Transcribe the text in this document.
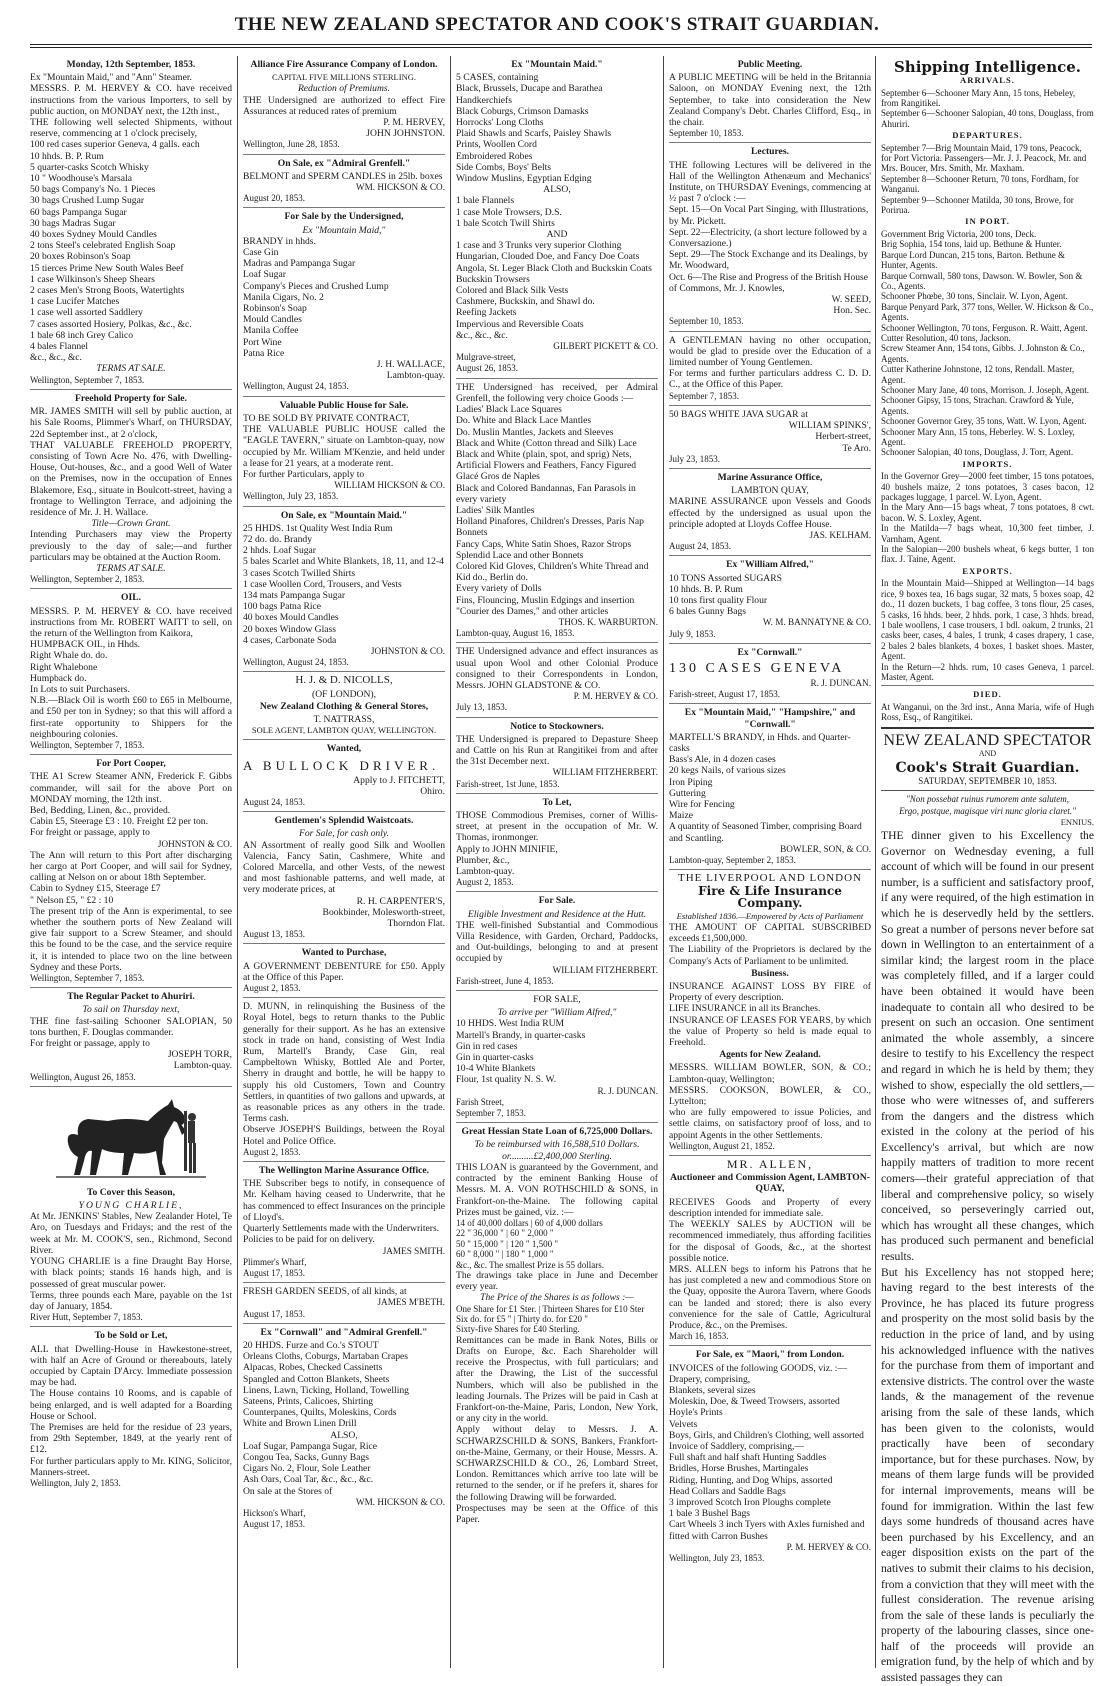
THE NEW ZEALAND SPECTATOR AND COOK'S STRAIT GUARDIAN.
Monday, 12th September, 1853.

Ex "Mountain Maid," and "Ann" Steamer.
MESSRS. P. M. HERVEY & CO. have received instructions from the various Importers, to sell by public auction, on MONDAY next, the 12th inst.,

THE following well selected Shipments, without reserve, commencing at 1 o'clock precisely,

100 red cases superior Geneva, 4 galls. each
10 hhds. B. P. Rum
5 quarter-casks Scotch Whisky
10 " Woodhouse's Marsala
50 bags Company's No. 1 Pieces
30 bags Crushed Lump Sugar
60 bags Pampanga Sugar
30 bags Madras Sugar
40 boxes Sydney Mould Candles
2 tons Steel's celebrated English Soap
20 boxes Robinson's Soap
15 tierces Prime New South Wales Beef
1 case Wilkinson's Sheep Shears
2 cases Men's Strong Boots, Watertights
1 case Lucifer Matches
1 case well assorted Saddlery
7 cases assorted Hosiery, Polkas, &c., &c.
1 bale 68 inch Grey Calico
4 bales Flannel
&c., &c., &c.

TERMS AT SALE.

Wellington, September 7, 1853.

Freehold Property for Sale.

MR. JAMES SMITH will sell by public auction, at his Sale Rooms, Plimmer's Wharf, on THURSDAY, 22d September inst., at 2 o'clock,

THAT VALUABLE FREEHOLD PROPERTY, consisting of Town Acre No. 476, with Dwelling-House, Out-houses, &c., and a good Well of Water on the Premises, now in the occupation of Ennes Blakemore, Esq., situate in Boulcott-street, having a frontage to Wellington Terrace, and adjoining the residence of Mr. J. H. Wallace.

Title—Crown Grant.

Intending Purchasers may view the Property previously to the day of sale;—and further particulars may be obtained at the Auction Room.

TERMS AT SALE.

Wellington, September 2, 1853.

OIL.

MESSRS. P. M. HERVEY & CO. have received instructions from Mr. ROBERT WAITT to sell, on the return of the Wellington from Kaikora,

HUMPBACK OIL, in Hhds.
Right Whale do. do.
Right Whalebone
Humpback do.
In Lots to suit Purchasers.

N.B.—Black Oil is worth £60 to £65 in Melbourne, and £50 per ton in Sydney; so that this will afford a first-rate opportunity to Shippers for the neighbouring colonies.

Wellington, September 7, 1853.

For Port Cooper,

THE A1 Screw Steamer ANN, Frederick F. Gibbs commander, will sail for the above Port on MONDAY morning, the 12th inst.

Bed, Bedding, Linen, &c., provided.
Cabin £5, Steerage £3 : 10. Freight £2 per ton.
For freight or passage, apply to

JOHNSTON & CO.

The Ann will return to this Port after discharging her cargo at Port Cooper, and will sail for Sydney, calling at Nelson on or about 18th September.

Cabin to Sydney £15, Steerage £7
" Nelson £5, " £2 : 10

The present trip of the Ann is experimental, to see whether the southern ports of New Zealand will give fair support to a Screw Steamer, and should this be found to be the case, and the service require it, it is intended to place two on the line between Sydney and these Ports.

Wellington, September 7, 1853.

The Regular Packet to Ahuriri.
To sail on Thursday next,

THE fine fast-sailing Schooner SALOPIAN, 50 tons burthen, F. Douglas commander.
For freight or passage, apply to

JOSEPH TORR,
Lambton-quay.

Wellington, August 26, 1853.

To Cover this Season,
YOUNG CHARLIE,

At Mr. JENKINS' Stables, New Zealander Hotel, Te Aro, on Tuesdays and Fridays; and the rest of the week at Mr. M. COOK'S, sen., Richmond, Second River.

YOUNG CHARLIE is a fine Draught Bay Horse, with black points; stands 16 hands high, and is possessed of great muscular power.

Terms, three pounds each Mare, payable on the 1st day of January, 1854.

River Hutt, September 7, 1853.

To be Sold or Let,

ALL that Dwelling-House in Hawkestone-street, with half an Acre of Ground or thereabouts, lately occupied by Captain D'Arcy. Immediate possession may be had.

The House contains 10 Rooms, and is capable of being enlarged, and is well adapted for a Boarding House or School.

The Premises are held for the residue of 23 years, from 29th September, 1849, at the yearly rent of £12.

For further particulars apply to Mr. KING, Solicitor, Manners-street.

Wellington, July 2, 1853.

Alliance Fire Assurance Company of London.
CAPITAL FIVE MILLIONS STERLING.
Reduction of Premiums.

THE Undersigned are authorized to effect Fire Assurances at reduced rates of premium

P. M. HERVEY,
JOHN JOHNSTON.

Wellington, June 28, 1853.

On Sale, ex "Admiral Grenfell."

BELMONT and SPERM CANDLES in 25lb. boxes

WM. HICKSON & CO.

August 20, 1853.

For Sale by the Undersigned,
Ex "Mountain Maid,"

BRANDY in hhds.
Case Gin
Madras and Pampanga Sugar
Loaf Sugar
Company's Pieces and Crushed Lump
Manila Cigars, No. 2
Robinson's Soap
Mould Candles
Manila Coffee
Port Wine
Patna Rice

J. H. WALLACE,
Lambton-quay.

Wellington, August 24, 1853.

Valuable Public House for Sale.

TO BE SOLD BY PRIVATE CONTRACT,

THE VALUABLE PUBLIC HOUSE called the "EAGLE TAVERN," situate on Lambton-quay, now occupied by Mr. William M'Kenzie, and held under a lease for 21 years, at a moderate rent.
For further Particulars, apply to

WILLIAM HICKSON & CO.

Wellington, July 23, 1853.

On Sale, ex "Mountain Maid."

25 HHDS. 1st Quality West India Rum
72 do. do. Brandy
2 hhds. Loaf Sugar
5 bales Scarlet and White Blankets, 18, 11, and 12-4
3 cases Scotch Twilled Shirts
1 case Woollen Cord, Trousers, and Vests
134 mats Pampanga Sugar
100 bags Patna Rice
40 boxes Mould Candles
20 boxes Window Glass
4 cases, Carbonate Soda

JOHNSTON & CO.

Wellington, August 24, 1853.

H. J. & D. NICOLLS,
(OF LONDON),
New Zealand Clothing & General Stores,
T. NATTRASS,
SOLE AGENT, LAMBTON QUAY, WELLINGTON.
Wanted,
A BULLOCK DRIVER.

Apply to J. FITCHETT,
Ohiro.

August 24, 1853.

Gentlemen's Splendid Waistcoats.
For Sale, for cash only.

AN Assortment of really good Silk and Woollen Valencia, Fancy Satin, Cashmere, White and Colored Marcella, and other Vests, of the newest and most fashionable patterns, and well made, at very moderate prices, at

R. H. CARPENTER'S,
Bookbinder, Molesworth-street,
Thorndon Flat.

August 13, 1853.

Wanted to Purchase,

A GOVERNMENT DEBENTURE for £50. Apply at the Office of this Paper.

August 2, 1853.

D. MUNN, in relinquishing the Business of the Royal Hotel, begs to return thanks to the Public generally for their support. As he has an extensive stock in trade on hand, consisting of West India Rum, Martell's Brandy, Case Gin, real Campbeltown Whisky, Bottled Ale and Porter, Sherry in draught and bottle, he will be happy to supply his old Customers, Town and Country Settlers, in quantities of two gallons and upwards, at as reasonable prices as any others in the trade. Terms cash.

Observe JOSEPH'S Buildings, between the Royal Hotel and Police Office.

August 2, 1853.

The Wellington Marine Assurance Office.

THE Subscriber begs to notify, in consequence of Mr. Kelham having ceased to Underwrite, that he has commenced to effect Insurances on the principle of Lloyd's.
Quarterly Settlements made with the Underwriters.
Policies to be paid for on delivery.

JAMES SMITH.

Plimmer's Wharf,
August 17, 1853.

FRESH GARDEN SEEDS, of all kinds, at

JAMES M'BETH.

August 17, 1853.

Ex "Cornwall" and "Admiral Grenfell."

20 HHDS. Furze and Co.'s STOUT
Orleans Cloths, Coburgs, Martaban Crapes
Alpacas, Robes, Checked Cassinetts
Spangled and Cotton Blankets, Sheets
Linens, Lawn, Ticking, Holland, Towelling
Sateens, Prints, Calicoes, Shirting
Counterpanes, Quilts, Moleskins, Cords
White and Brown Linen Drill

ALSO,

Loaf Sugar, Pampanga Sugar, Rice
Congou Tea, Sacks, Gunny Bags
Cigars No. 2, Flour, Sole Leather
Ash Oars, Coal Tar, &c., &c., &c.
On sale at the Stores of

WM. HICKSON & CO.

Hickson's Wharf,
August 17, 1853.

Ex "Mountain Maid."

5 CASES, containing
Black, Brussels, Ducape and Barathea Handkerchiefs
Black Coburgs, Crimson Damasks
Horrocks' Long Cloths
Plaid Shawls and Scarfs, Paisley Shawls
Prints, Woollen Cord
Embroidered Robes
Side Combs, Boys' Belts
Window Muslins, Egyptian Edging

ALSO,

1 bale Flannels
1 case Mole Trowsers, D.S.
1 bale Scotch Twill Shirts

AND

1 case and 3 Trunks very superior Clothing
Hungarian, Clouded Doe, and Fancy Doe Coats
Angola, St. Leger Black Cloth and Buckskin Coats
Buckskin Trowsers
Colored and Black Silk Vests
Cashmere, Buckskin, and Shawl do.
Reefing Jackets
Impervious and Reversible Coats
&c., &c., &c.

GILBERT PICKETT & CO.

Mulgrave-street,
August 26, 1853.

THE Undersigned has received, per Admiral Grenfell, the following very choice Goods :—

Ladies' Black Lace Squares
Do. White and Black Lace Mantles
Do. Muslin Mantles, Jackets and Sleeves
Black and White (Cotton thread and Silk) Lace
Black and White (plain, spot, and sprig) Nets, Artificial Flowers and Feathers, Fancy Figured Glacé Gros de Naples
Black and Colored Bandannas, Fan Parasols in every variety
Ladies' Silk Mantles
Holland Pinafores, Children's Dresses, Paris Nap Bonnets
Fancy Caps, White Satin Shoes, Razor Strops
Splendid Lace and other Bonnets
Colored Kid Gloves, Children's White Thread and Kid do., Berlin do.
Every variety of Dolls
Fins, Flouncing, Muslin Edgings and insertion
"Courier des Dames," and other articles

THOS. K. WARBURTON.

Lambton-quay, August 16, 1853.

THE Undersigned advance and effect insurances as usual upon Wool and other Colonial Produce consigned to their Correspondents in London, Messrs. JOHN GLADSTONE & CO.

P. M. HERVEY & CO.

July 13, 1853.

Notice to Stockowners.

THE Undersigned is prepared to Depasture Sheep and Cattle on his Run at Rangitikei from and after the 31st December next.

WILLIAM FITZHERBERT.

Farish-street, 1st June, 1853.

To Let,

THOSE Commodious Premises, corner of Willis-street, at present in the occupation of Mr. W. Thomas, ironmonger.
Apply to JOHN MINIFIE,
Plumber, &c.,
Lambton-quay.

August 2, 1853.

For Sale.
Eligible Investment and Residence at the Hutt.

THE well-finished Substantial and Commodious Villa Residence, with Garden, Orchard, Paddocks, and Out-buildings, belonging to and at present occupied by

WILLIAM FITZHERBERT.

Farish-street, June 4, 1853.

FOR SALE,
To arrive per "William Alfred,"

10 HHDS. West India RUM
Martell's Brandy, in quarter-casks
Gin in red cases
Gin in quarter-casks
10-4 White Blankets
Flour, 1st quality N. S. W.

R. J. DUNCAN.

Farish Street,
September 7, 1853.

Great Hessian State Loan of 6,725,000 Dollars.
To be reimbursed with 16,588,510 Dollars.
or..........£2,400,000 Sterling.

THIS LOAN is guaranteed by the Government, and contracted by the eminent Banking House of Messrs. M. A. VON ROTHSCHILD & SONS, in Frankfort-on-the-Maine. The following capital Prizes must be gained, viz. :—

14 of 40,000 dollars | 60 of 4,000 dollars
22 " 36,000 " | 60 " 2,000 "
50 " 15,000 " | 120 " 1,500 "
60 " 8,000 " | 180 " 1,000 "
&c., &c. The smallest Prize is 55 dollars.

The drawings take place in June and December every year.

The Price of the Shares is as follows :—

One Share for £1 Ster. | Thirteen Shares for £10 Ster
Six do. for £5 " | Thirty do. for £20 "
Sixty-five Shares for £40 Sterling.

Remittances can be made in Bank Notes, Bills or Drafts on Europe, &c. Each Shareholder will receive the Prospectus, with full particulars; and after the Drawing, the List of the successful Numbers, which will also be published in the leading Journals. The Prizes will be paid in Cash at Frankfort-on-the-Maine, Paris, London, New York, or any city in the world.

Apply without delay to Messrs. J. A. SCHWARZSCHILD & SONS, Bankers, Frankfort-on-the-Maine, Germany, or their House, Messrs. A. SCHWARZSCHILD & CO., 26, Lombard Street, London. Remittances which arrive too late will be returned to the sender, or if he prefers it, shares for the following Drawing will be forwarded.

Prospectuses may be seen at the Office of this Paper.

Public Meeting.

A PUBLIC MEETING will be held in the Britannia Saloon, on MONDAY Evening next, the 12th September, to take into consideration the New Zealand Company's Debt. Charles Clifford, Esq., in the chair.

September 10, 1853.

Lectures.

THE following Lectures will be delivered in the Hall of the Wellington Athenæum and Mechanics' Institute, on THURSDAY Evenings, commencing at ½ past 7 o'clock :—

Sept. 15—On Vocal Part Singing, with Illustrations, by Mr. Pickett.
Sept. 22—Electricity, (a short lecture followed by a Conversazione.)
Sept. 29—The Stock Exchange and its Dealings, by Mr. Woodward,
Oct. 6—The Rise and Progress of the British House of Commons, Mr. J. Knowles,

W. SEED,
Hon. Sec.

September 10, 1853.

A GENTLEMAN having no other occupation, would be glad to preside over the Education of a limited number of Young Gentlemen.
For terms and further particulars address C. D. D. C., at the Office of this Paper.

September 7, 1853.

50 BAGS WHITE JAVA SUGAR at

WILLIAM SPINKS',
Herbert-street,
Te Aro.

July 23, 1853.

Marine Assurance Office,
LAMBTON QUAY,

MARINE ASSURANCE upon Vessels and Goods effected by the undersigned as usual upon the principle adopted at Lloyds Coffee House.

JAS. KELHAM.

August 24, 1853.

Ex "William Alfred,"

10 TONS Assorted SUGARS
10 hhds. B. P. Rum
10 tons first quality Flour
6 bales Gunny Bags

W. M. BANNATYNE & CO.

July 9, 1853.

Ex "Cornwall."
130 CASES GENEVA

R. J. DUNCAN.

Farish-street, August 17, 1853.

Ex "Mountain Maid," "Hampshire," and "Cornwall."

MARTELL'S BRANDY, in Hhds. and Quarter-casks
Bass's Ale, in 4 dozen cases
20 kegs Nails, of various sizes
Iron Piping
Guttering
Wire for Fencing
Maize
A quantity of Seasoned Timber, comprising Board and Scantling.

BOWLER, SON, & CO.

Lambton-quay, September 2, 1853.

THE LIVERPOOL AND LONDON
Fire & Life Insurance Company.
Established 1836.—Empowered by Acts of Parliament

THE AMOUNT OF CAPITAL SUBSCRIBED exceeds £1,500,000.

The Liability of the Proprietors is declared by the Company's Acts of Parliament to be unlimited.

Business.

INSURANCE AGAINST LOSS BY FIRE of Property of every description.
LIFE INSURANCE in all its Branches.
INSURANCE OF LEASES FOR YEARS, by which the value of Property so held is made equal to Freehold.

Agents for New Zealand.

MESSRS. WILLIAM BOWLER, SON, & CO.; Lambton-quay, Wellington;
MESSRS. COOKSON, BOWLER, & CO., Lyttelton;
who are fully empowered to issue Policies, and settle claims, on satisfactory proof of loss, and to appoint Agents in the other Settlements.

Wellington, August 21, 1852.

MR. ALLEN,
Auctioneer and Commission Agent, LAMBTON-QUAY,

RECEIVES Goods and Property of every description intended for immediate sale.

The WEEKLY SALES by AUCTION will be recommenced immediately, thus affording facilities for the disposal of Goods, &c., at the shortest possible notice.

MRS. ALLEN begs to inform his Patrons that he has just completed a new and commodious Store on the Quay, opposite the Aurora Tavern, where Goods can be landed and stored; there is also every convenience for the sale of Cattle, Agricultural Produce, &c., on the Premises.

March 16, 1853.

For Sale, ex "Maori," from London.

INVOICES of the following GOODS, viz. :—

Drapery, comprising,
Blankets, several sizes
Moleskin, Doe, & Tweed Trowsers, assorted
Hoyle's Prints
Velvets
Boys, Girls, and Children's Clothing, well assorted
Invoice of Saddlery, comprising,—
Full shaft and half shaft Hunting Saddles
Bridles, Horse Brushes, Martingales
Riding, Hunting, and Dog Whips, assorted
Head Collars and Saddle Bags
3 improved Scotch Iron Ploughs complete
1 bale 3 Bushel Bags
Cart Wheels 3 inch Tyers with Axles furnished and fitted with Carron Bushes

P. M. HERVEY & CO.

Wellington, July 23, 1853.

Shipping Intelligence.
ARRIVALS.

September 6—Schooner Mary Ann, 15 tons, Hebeley, from Rangitikei.
September 6—Schooner Salopian, 40 tons, Douglass, from Ahuriri.

DEPARTURES.

September 7—Brig Mountain Maid, 179 tons, Peacock, for Port Victoria. Passengers—Mr. J. J. Peacock, Mr. and Mrs. Boucer, Mrs. Smith, Mr. Maxham.
September 8—Schooner Return, 70 tons, Fordham, for Wanganui.
September 9—Schooner Matilda, 30 tons, Browe, for Porirua.

IN PORT.

Government Brig Victoria, 200 tons, Deck.
Brig Sophia, 154 tons, laid up. Bethune & Hunter.
Barque Lord Duncan, 215 tons, Barton. Bethune & Hunter, Agents.
Barque Cornwall, 580 tons, Dawson. W. Bowler, Son & Co., Agents.
Schooner Phœbe, 30 tons, Sinclair. W. Lyon, Agent.
Barque Penyard Park, 377 tons, Weller. W. Hickson & Co., Agents.
Schooner Wellington, 70 tons, Ferguson. R. Waitt, Agent.
Cutter Resolution, 40 tons, Jackson.
Screw Steamer Ann, 154 tons, Gibbs. J. Johnston & Co., Agents.
Cutter Katherine Johnstone, 12 tons, Rendall. Master, Agent.
Schooner Mary Jane, 40 tons, Morrison. J. Joseph, Agent.
Schooner Gipsy, 15 tons, Strachan. Crawford & Yule, Agents.
Schooner Governor Grey, 35 tons, Watt. W. Lyon, Agent.
Schooner Mary Ann, 15 tons, Heberley. W. S. Loxley, Agent.
Schooner Salopian, 40 tons, Douglass, J. Torr, Agent.

IMPORTS.

In the Governor Grey—2000 feet timber, 15 tons potatoes, 40 bushels maize, 2 tons potatoes, 3 cases bacon, 12 packages luggage, 1 parcel. W. Lyon, Agent.
In the Mary Ann—15 bags wheat, 7 tons potatoes, 8 cwt. bacon. W. S. Loxley, Agent.
In the Matilda—7 bags wheat, 10,300 feet timber, J. Varnham, Agent.
In the Salopian—200 bushels wheat, 6 kegs butter, 1 ton flax. J. Taine, Agent.

EXPORTS.

In the Mountain Maid—Shipped at Wellington—14 bags rice, 9 boxes tea, 16 bags sugar, 32 mats, 5 boxes soap, 42 do., 11 dozen buckets, 1 bag coffee, 3 tons flour, 25 cases, 5 casks, 16 hhds. beer, 2 hhds. pork, 1 case, 3 hhds. bread, 1 bale woollens, 1 case trousers, 1 bdl. oakum, 2 trunks, 21 casks beer, cases, 4 bales, 1 trunk, 4 cases drapery, 1 case, 2 bales 2 bales blankets, 4 boxes, 1 basket shoes. Master, Agent.
In the Return—2 hhds. rum, 10 cases Geneva, 1 parcel. Master, Agent.

DIED.

At Wanganui, on the 3rd inst., Anna Maria, wife of Hugh Ross, Esq., of Rangitikei.

NEW ZEALAND SPECTATOR
AND
Cook's Strait Guardian.
SATURDAY, SEPTEMBER 10, 1853.
"Non possebat ruinus rumorem ante salutem,
Ergo, postque, magisque viri nunc gloria claret."
ENNIUS.

THE dinner given to his Excellency the Governor on Wednesday evening, a full account of which will be found in our present number, is a sufficient and satisfactory proof, if any were required, of the high estimation in which he is deservedly held by the settlers. So great a number of persons never before sat down in Wellington to an entertainment of a similar kind; the largest room in the place was completely filled, and if a larger could have been obtained it would have been inadequate to contain all who desired to be present on such an occasion. One sentiment animated the whole assembly, a sincere desire to testify to his Excellency the respect and regard in which he is held by them; they wished to show, especially the old settlers,—those who were witnesses of, and sufferers from the dangers and the distress which existed in the colony at the period of his Excellency's arrival, but which are now happily matters of tradition to more recent comers—their grateful appreciation of that liberal and comprehensive policy, so wisely conceived, so perseveringly carried out, which has wrought all these changes, which has produced such permanent and beneficial results.
But his Excellency has not stopped here; having regard to the best interests of the Province, he has placed its future progress and prosperity on the most solid basis by the reduction in the price of land, and by using his acknowledged influence with the natives for the purchase from them of important and extensive districts. The control over the waste lands, & the management of the revenue arising from the sale of these lands, which has been given to the colonists, would practically have been of secondary importance, but for these purchases. Now, by means of them large funds will be provided for internal improvements, means will be found for immigration. Within the last few days some hundreds of thousand acres have been purchased by his Excellency, and an eager disposition exists on the part of the natives to submit their claims to his decision, from a conviction that they will meet with the fullest consideration. The revenue arising from the sale of these lands is peculiarly the property of the labouring classes, since one-half of the proceeds will provide an emigration fund, by the help of which and by assisted passages they can
